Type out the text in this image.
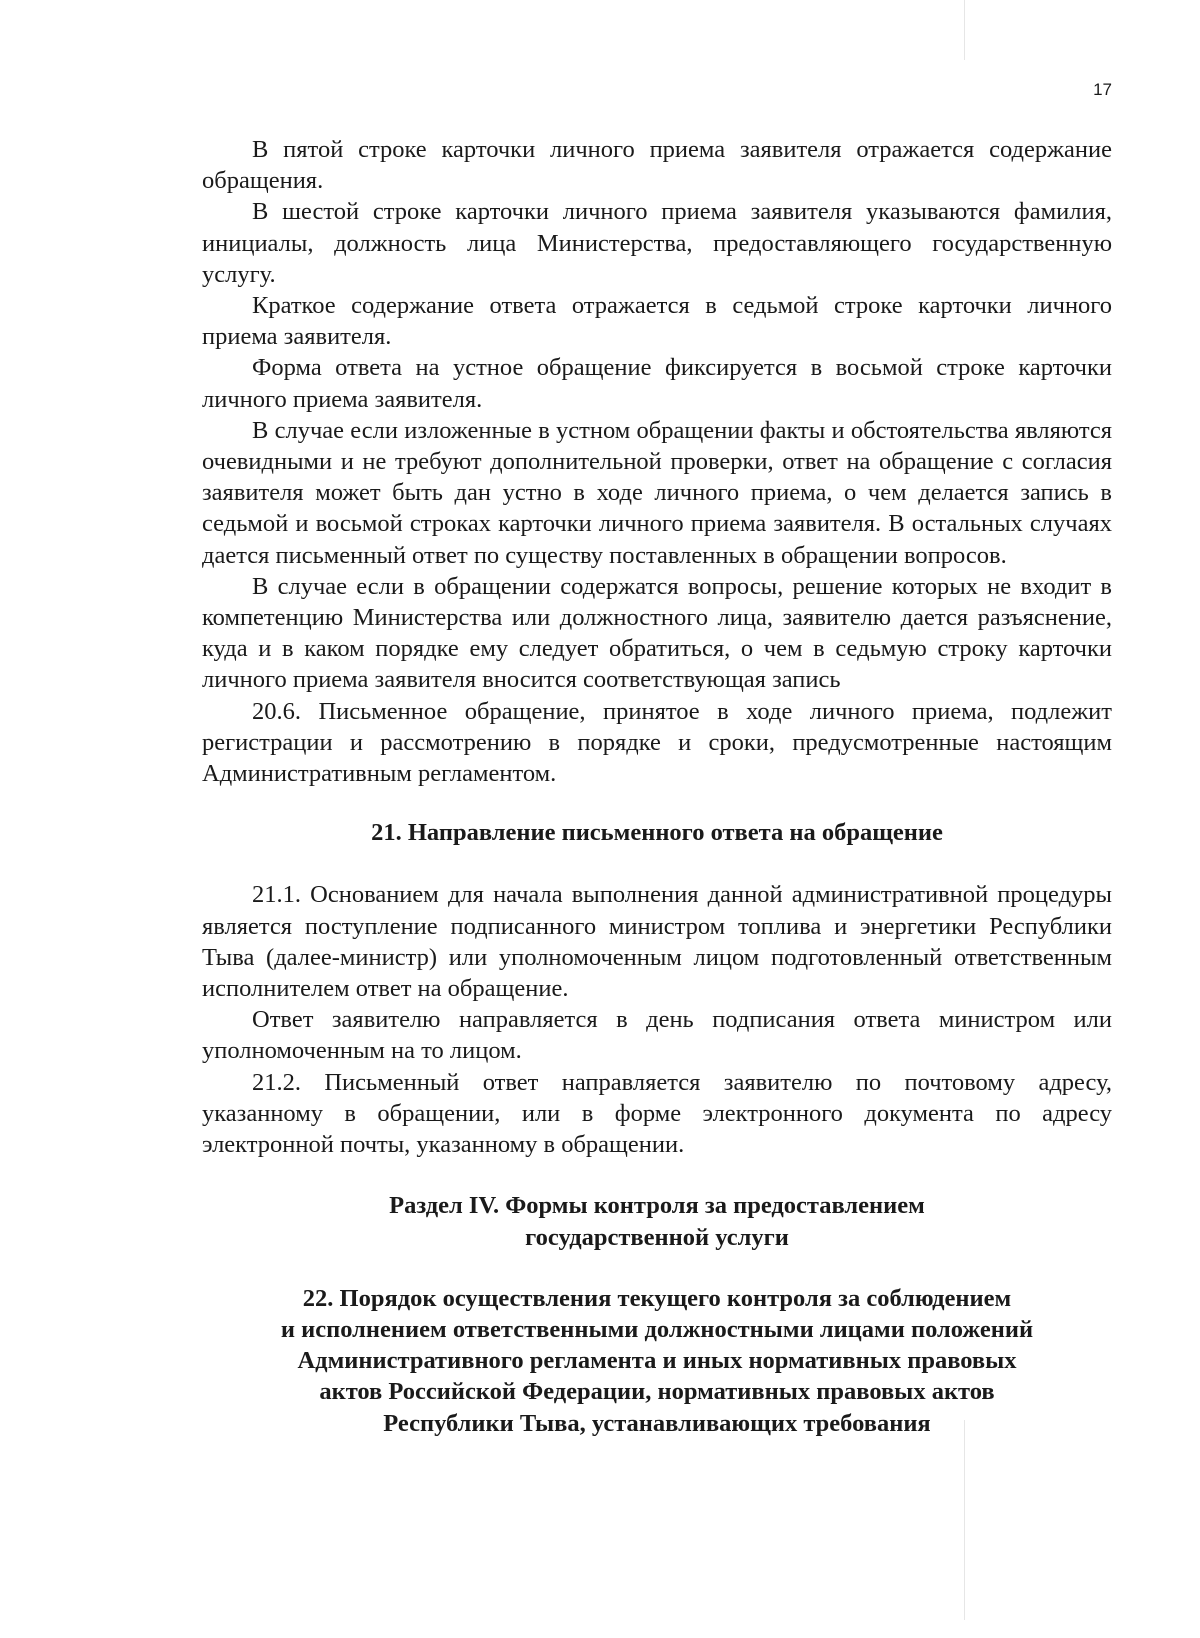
17

В пятой строке карточки личного приема заявителя отражается содержание обращения.

В шестой строке карточки личного приема заявителя указываются фамилия, инициалы, должность лица Министерства, предоставляющего государственную услугу.

Краткое содержание ответа отражается в седьмой строке карточки личного приема заявителя.

Форма ответа на устное обращение фиксируется в восьмой строке карточки личного приема заявителя.

В случае если изложенные в устном обращении факты и обстоятельства являются очевидными и не требуют дополнительной проверки, ответ на обращение с согласия заявителя может быть дан устно в ходе личного приема, о чем делается запись в седьмой и восьмой строках карточки личного приема заявителя. В остальных случаях дается письменный ответ по существу поставленных в обращении вопросов.

В случае если в обращении содержатся вопросы, решение которых не входит в компетенцию Министерства или должностного лица, заявителю дается разъяснение, куда и в каком порядке ему следует обратиться, о чем в седьмую строку карточки личного приема заявителя вносится соответствующая запись

20.6. Письменное обращение, принятое в ходе личного приема, подлежит регистрации и рассмотрению в порядке и сроки, предусмотренные настоящим Административным регламентом.

21. Направление письменного ответа на обращение

21.1. Основанием для начала выполнения данной административной процедуры является поступление подписанного министром топлива и энергетики Республики Тыва (далее-министр) или уполномоченным лицом подготовленный ответственным исполнителем ответ на обращение.

Ответ заявителю направляется в день подписания ответа министром или уполномоченным на то лицом.

21.2. Письменный ответ направляется заявителю по почтовому адресу, указанному в обращении, или в форме электронного документа по адресу электронной почты, указанному в обращении.

Раздел IV. Формы контроля за предоставлением
государственной услуги
22. Порядок осуществления текущего контроля за соблюдением
и исполнением ответственными должностными лицами положений
Административного регламента и иных нормативных правовых
актов Российской Федерации, нормативных правовых актов
Республики Тыва, устанавливающих требования
